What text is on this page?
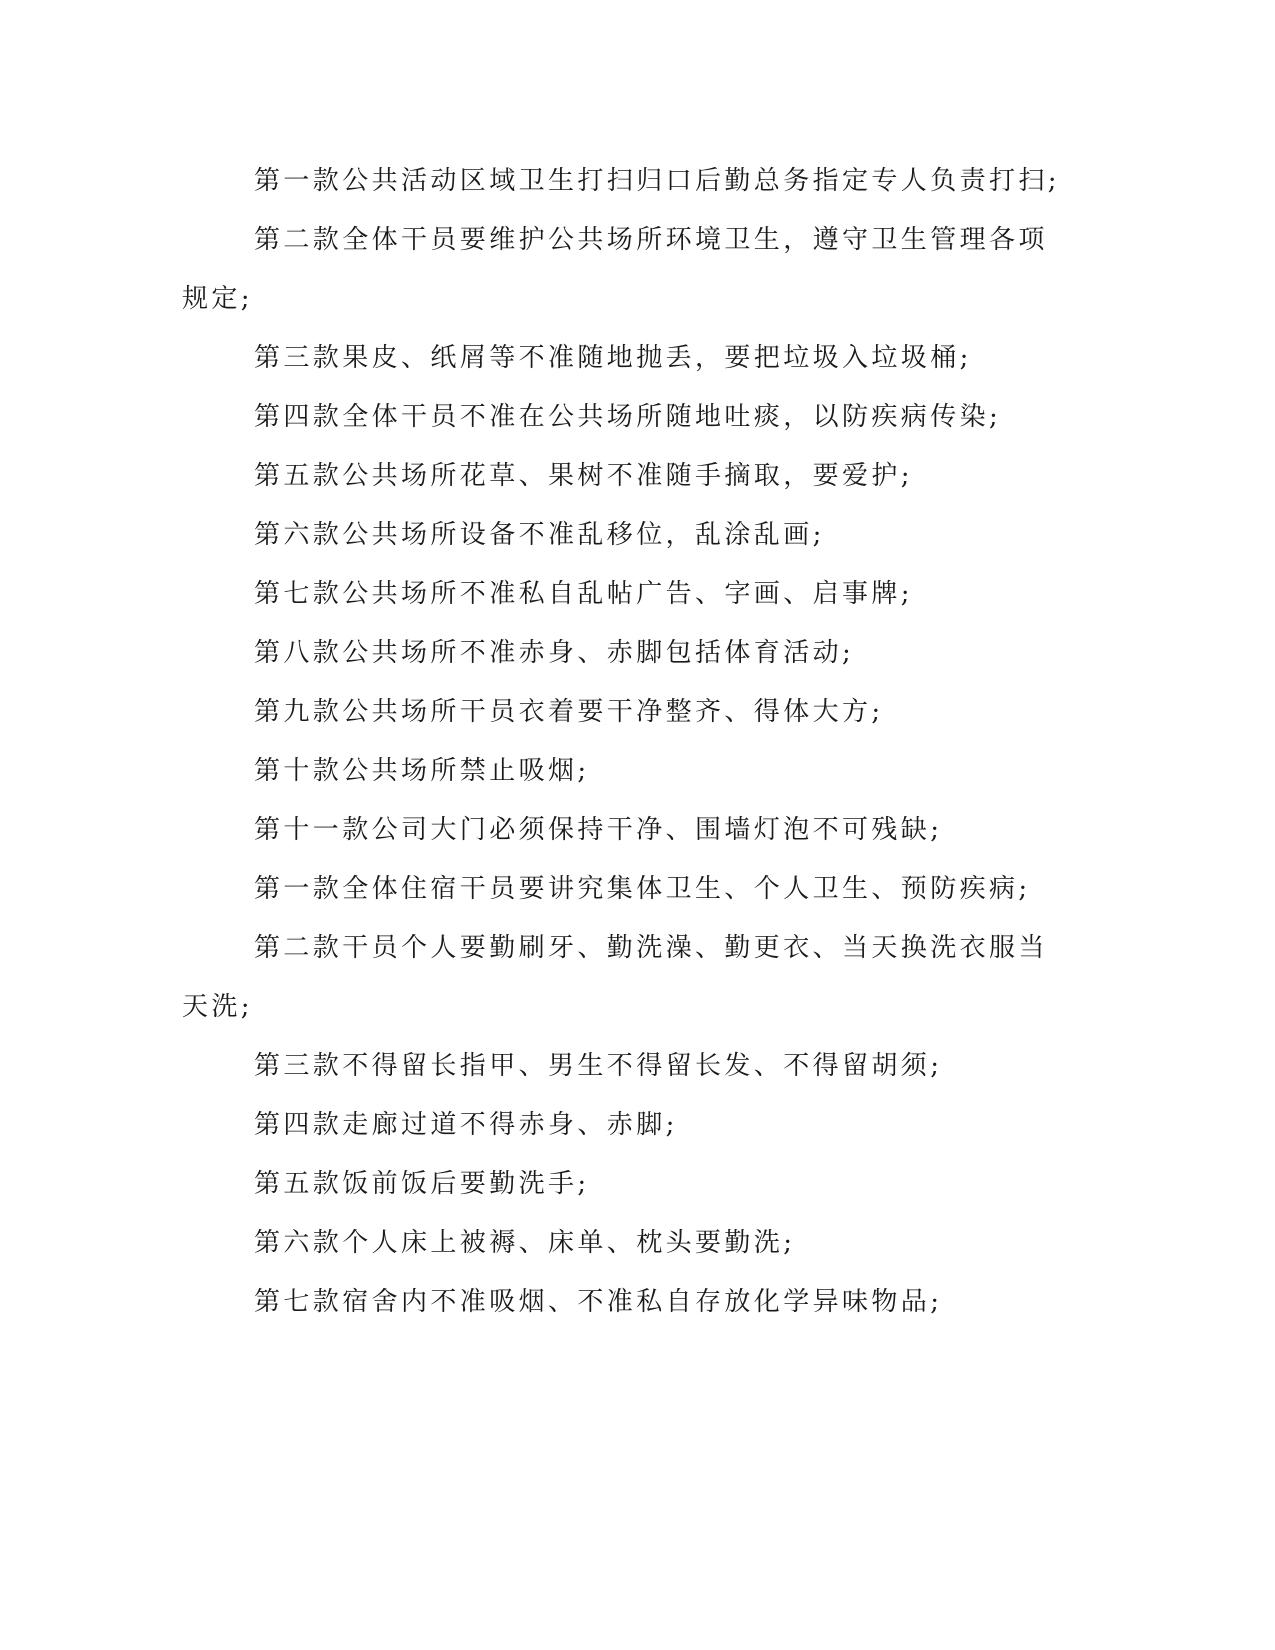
第一款公共活动区域卫生打扫归口后勤总务指定专人负责打扫;

第二款全体干员要维护公共场所环境卫生，遵守卫生管理各项规定;

第三款果皮、纸屑等不准随地抛丢，要把垃圾入垃圾桶;

第四款全体干员不准在公共场所随地吐痰，以防疾病传染;

第五款公共场所花草、果树不准随手摘取，要爱护;

第六款公共场所设备不准乱移位，乱涂乱画;

第七款公共场所不准私自乱帖广告、字画、启事牌;

第八款公共场所不准赤身、赤脚包括体育活动;

第九款公共场所干员衣着要干净整齐、得体大方;

第十款公共场所禁止吸烟;

第十一款公司大门必须保持干净、围墙灯泡不可残缺;

第一款全体住宿干员要讲究集体卫生、个人卫生、预防疾病;

第二款干员个人要勤刷牙、勤洗澡、勤更衣、当天换洗衣服当天洗;

第三款不得留长指甲、男生不得留长发、不得留胡须;

第四款走廊过道不得赤身、赤脚;

第五款饭前饭后要勤洗手;

第六款个人床上被褥、床单、枕头要勤洗;

第七款宿舍内不准吸烟、不准私自存放化学异味物品;
